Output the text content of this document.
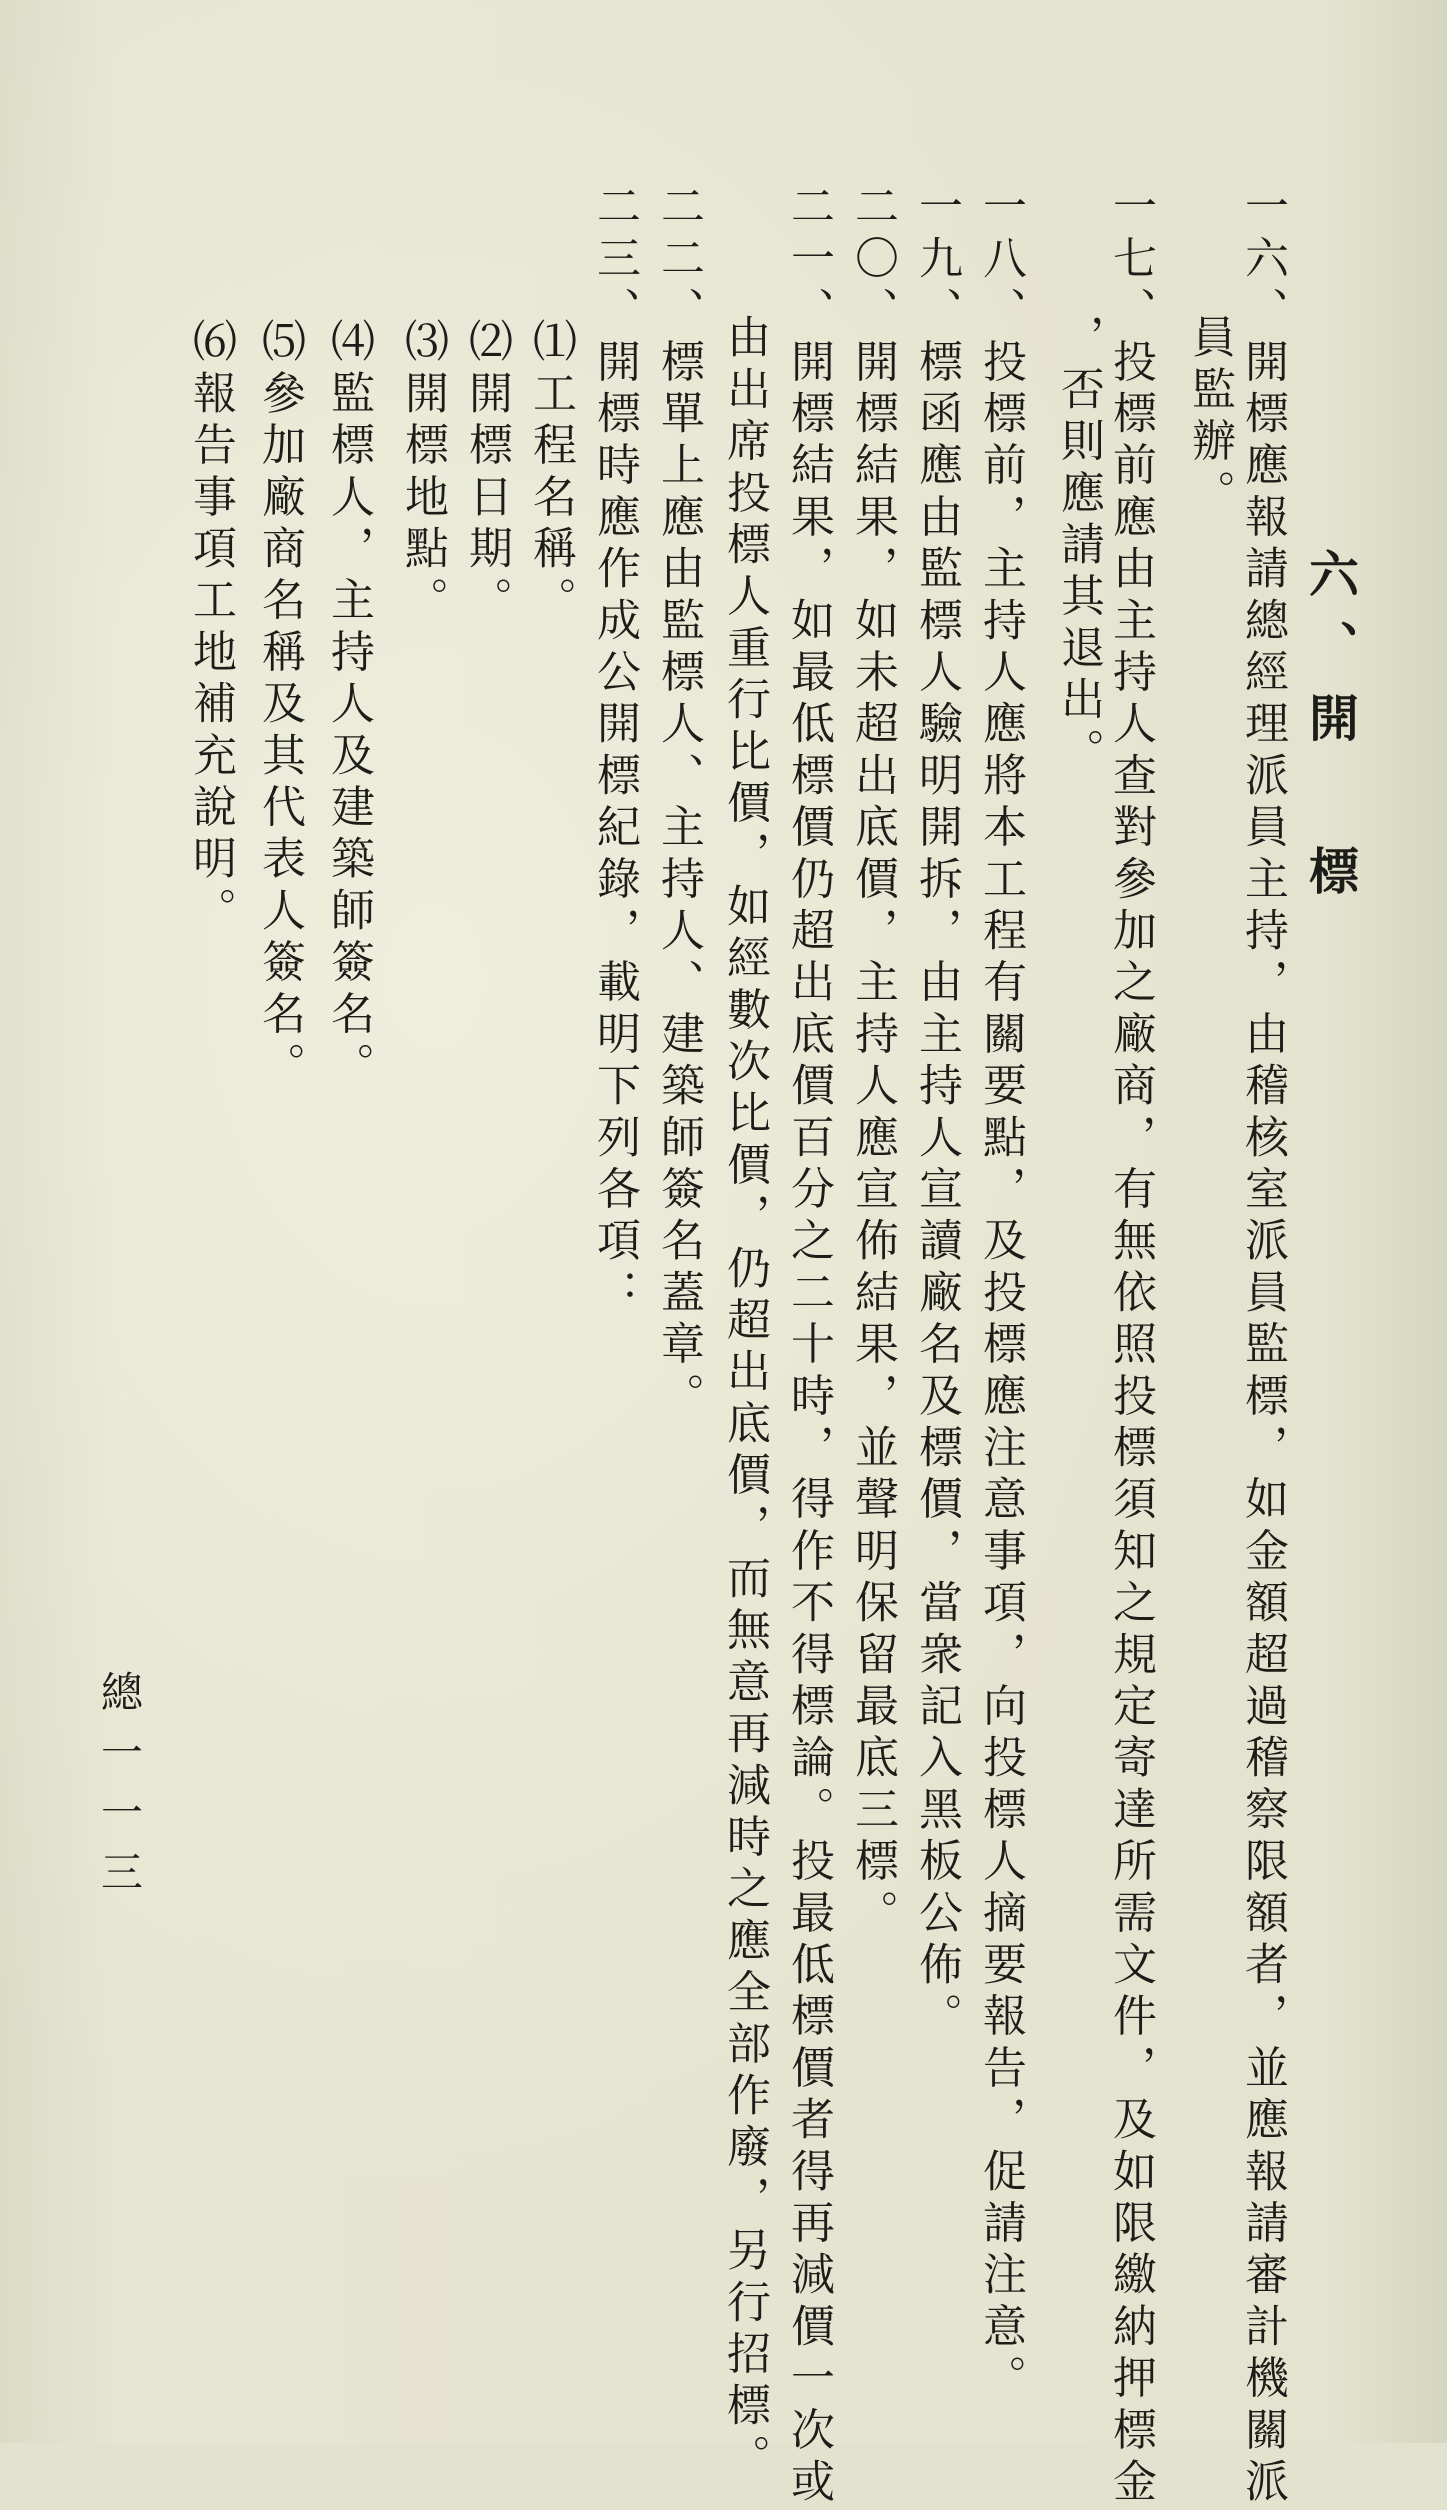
六、開 標
一六、開標應報請總經理派員主持，由稽核室派員監標，如金額超過稽察限額者，並應報請審計機關派
員監辦。
一七、投標前應由主持人查對參加之廠商，有無依照投標須知之規定寄達所需文件，及如限繳納押標金
，否則應請其退出。
一八、投標前，主持人應將本工程有關要點，及投標應注意事項，向投標人摘要報告，促請注意。
一九、標函應由監標人驗明開拆，由主持人宣讀廠名及標價，當衆記入黑板公佈。
二〇、開標結果，如未超出底價，主持人應宣佈結果，並聲明保留最底三標。
二一、開標結果，如最低標價仍超出底價百分之二十時，得作不得標論。投最低標價者得再減價一次或
由出席投標人重行比價，如經數次比價，仍超出底價，而無意再減時之應全部作廢，另行招標。
二二、標單上應由監標人、主持人、建築師簽名蓋章。
二三、開標時應作成公開標紀錄，載明下列各項：
⑴工程名稱。
⑵開標日期。
⑶開標地點。
⑷監標人，主持人及建築師簽名。
⑸參加廠商名稱及其代表人簽名。
⑹報告事項工地補充說明。
總一一三
